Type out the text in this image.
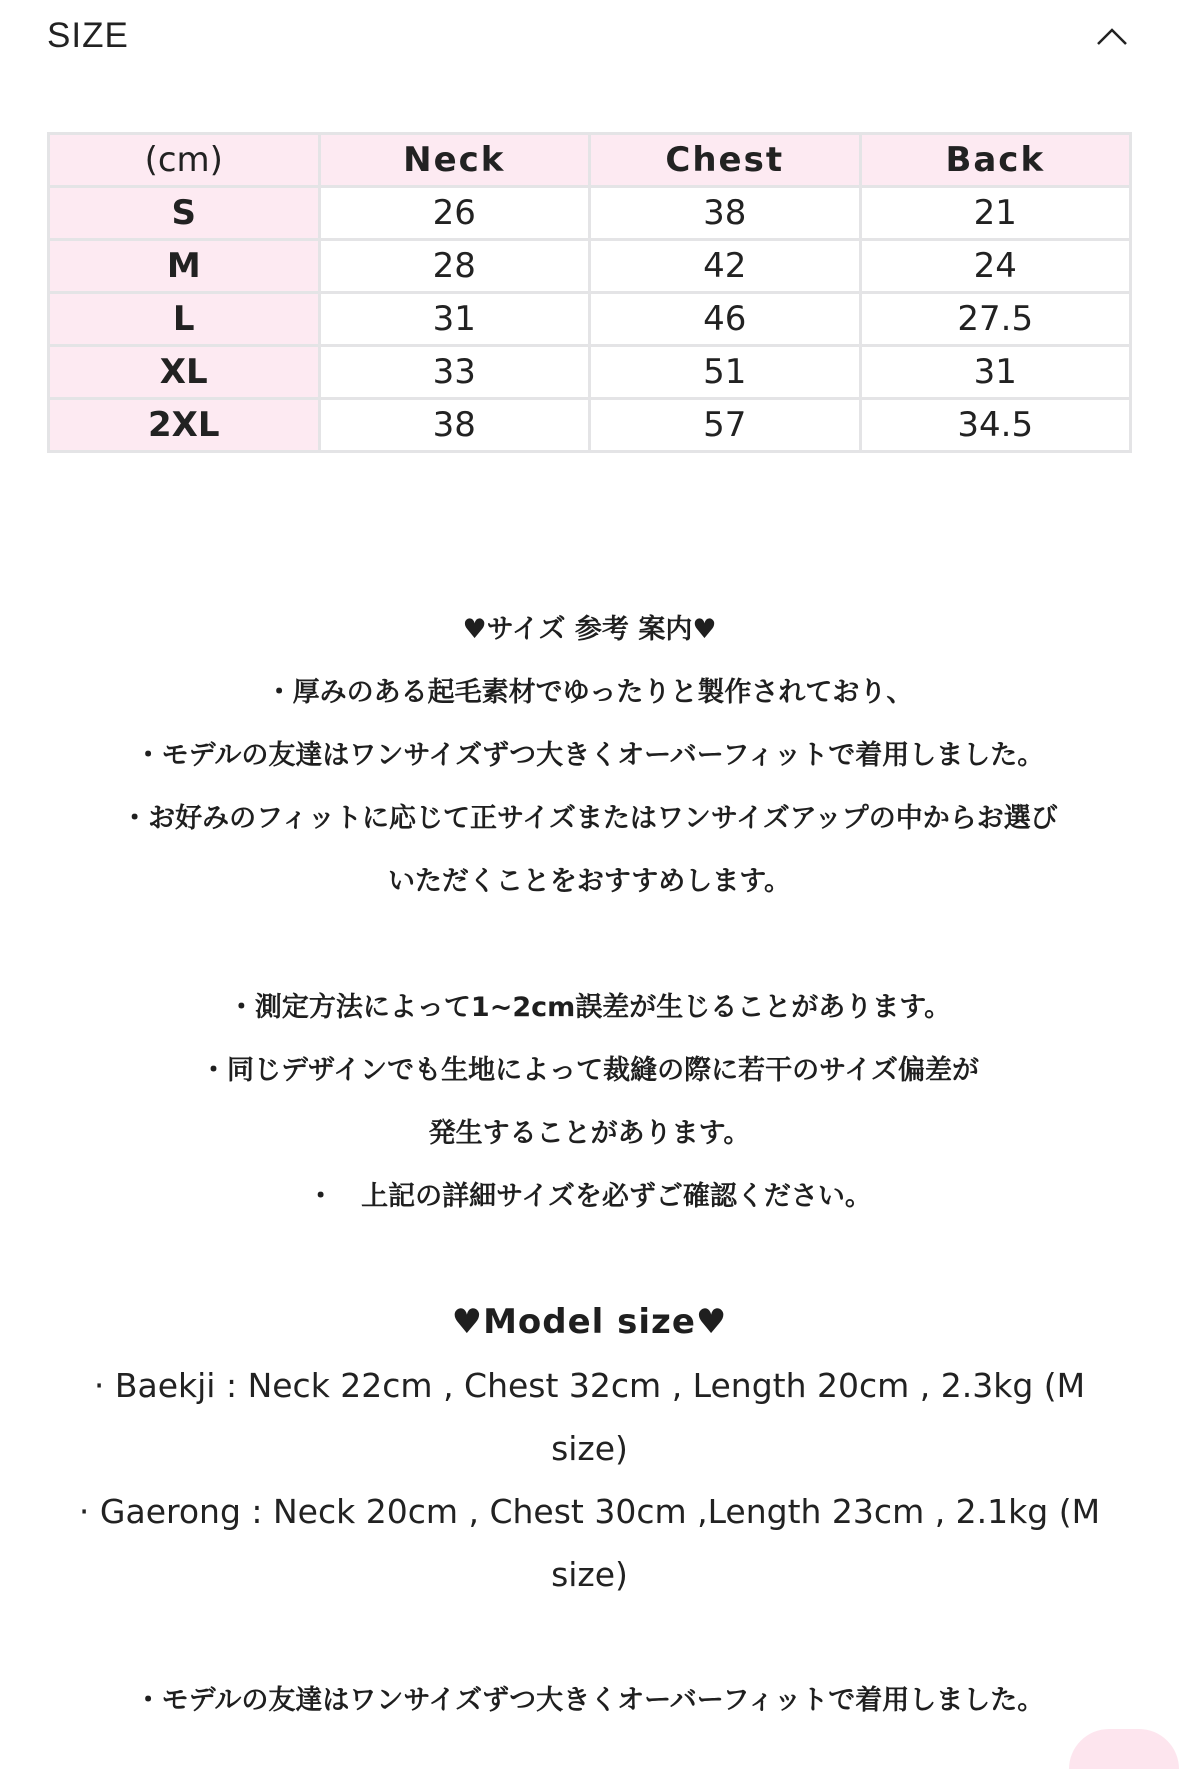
SIZE
(cm)	Neck	Chest	Back
S	26	38	21
M	28	42	24
L	31	46	27.5
XL	33	51	31
2XL	38	57	34.5
♥サイズ 参考 案内♥
・厚みのある起毛素材でゆったりと製作されており、
・モデルの友達はワンサイズずつ大きくオーバーフィットで着用しました。
・お好みのフィットに応じて正サイズまたはワンサイズアップの中からお選び
いただくことをおすすめします。
・測定方法によって1~2cm誤差が生じることがあります。
・同じデザインでも生地によって裁縫の際に若干のサイズ偏差が
発生することがあります。
・　上記の詳細サイズを必ずご確認ください。
♥Model size♥
· Baekji : Neck 22cm , Chest 32cm , Length 20cm , 2.3kg (M
size)
· Gaerong : Neck 20cm , Chest 30cm ,Length 23cm , 2.1kg (M
size)
・モデルの友達はワンサイズずつ大きくオーバーフィットで着用しました。
